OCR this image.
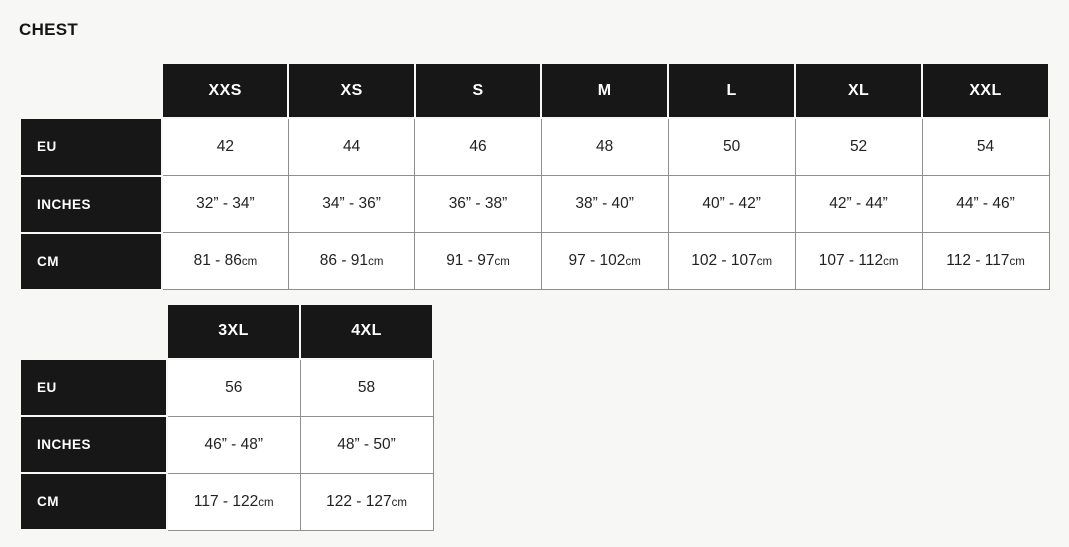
CHEST
	XXS	XS	S	M	L	XL	XXL
EU	42	44	46	48	50	52	54
INCHES	32” - 34”	34” - 36”	36” - 38”	38” - 40”	40” - 42”	42” - 44”	44” - 46”
CM	81 - 86cm	86 - 91cm	91 - 97cm	97 - 102cm	102 - 107cm	107 - 112cm	112 - 117cm
	3XL	4XL
EU	56	58
INCHES	46” - 48”	48” - 50”
CM	117 - 122cm	122 - 127cm
